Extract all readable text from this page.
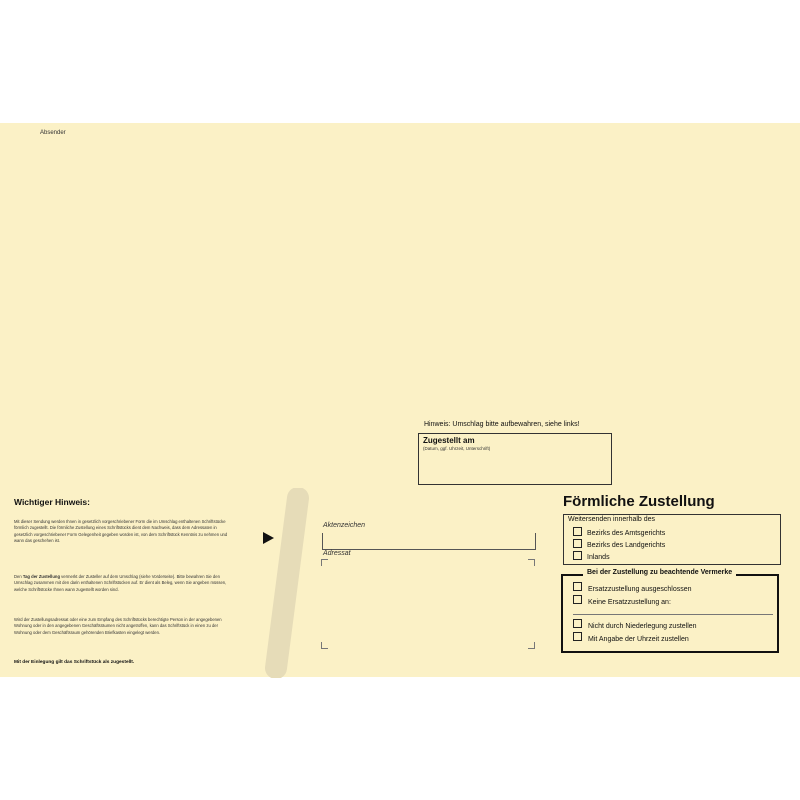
Absender
Wichtiger Hinweis:
Mit dieser Sendung werden Ihnen in gesetzlich vorgeschriebener Form die im Umschlag enthaltenen Schriftstücke förmlich zugestellt. Die förmliche Zustellung eines Schriftstücks dient dem Nachweis, dass dem Adressaten in gesetzlich vorgeschriebener Form Gelegenheit gegeben worden ist, von dem Schriftstück Kenntnis zu nehmen und wann das geschehen ist.
Den Tag der Zustellung vermerkt der Zusteller auf dem Umschlag (siehe Vorderseite). Bitte bewahren Sie den Umschlag zusammen mit den darin enthaltenen Schriftstücken auf. Er dient als Beleg, wenn Sie angeben müssen, welche Schriftstücke Ihnen wann zugestellt worden sind.
Wird der Zustellungsadressat oder eine zum Empfang des Schriftstücks berechtigte Person in der angegebenen Wohnung oder in den angegebenen Geschäftsräumen nicht angetroffen, kann das Schriftstück in einen zu der Wohnung oder dem Geschäftsraum gehörenden Briefkasten eingelegt werden.
Mit der Einlegung gilt das Schriftstück als zugestellt.
Aktenzeichen
Adressat
Hinweis: Umschlag bitte aufbewahren, siehe links!
Zugestellt am
(Datum, ggf. Uhrzeit, Unterschrift)
Förmliche Zustellung
Weitersenden innerhalb des
Bezirks des Amtsgerichts
Bezirks des Landgerichts
Inlands
Bei der Zustellung zu beachtende Vermerke
Ersatzzustellung ausgeschlossen
Keine Ersatzzustellung an:
Nicht durch Niederlegung zustellen
Mit Angabe der Uhrzeit zustellen
